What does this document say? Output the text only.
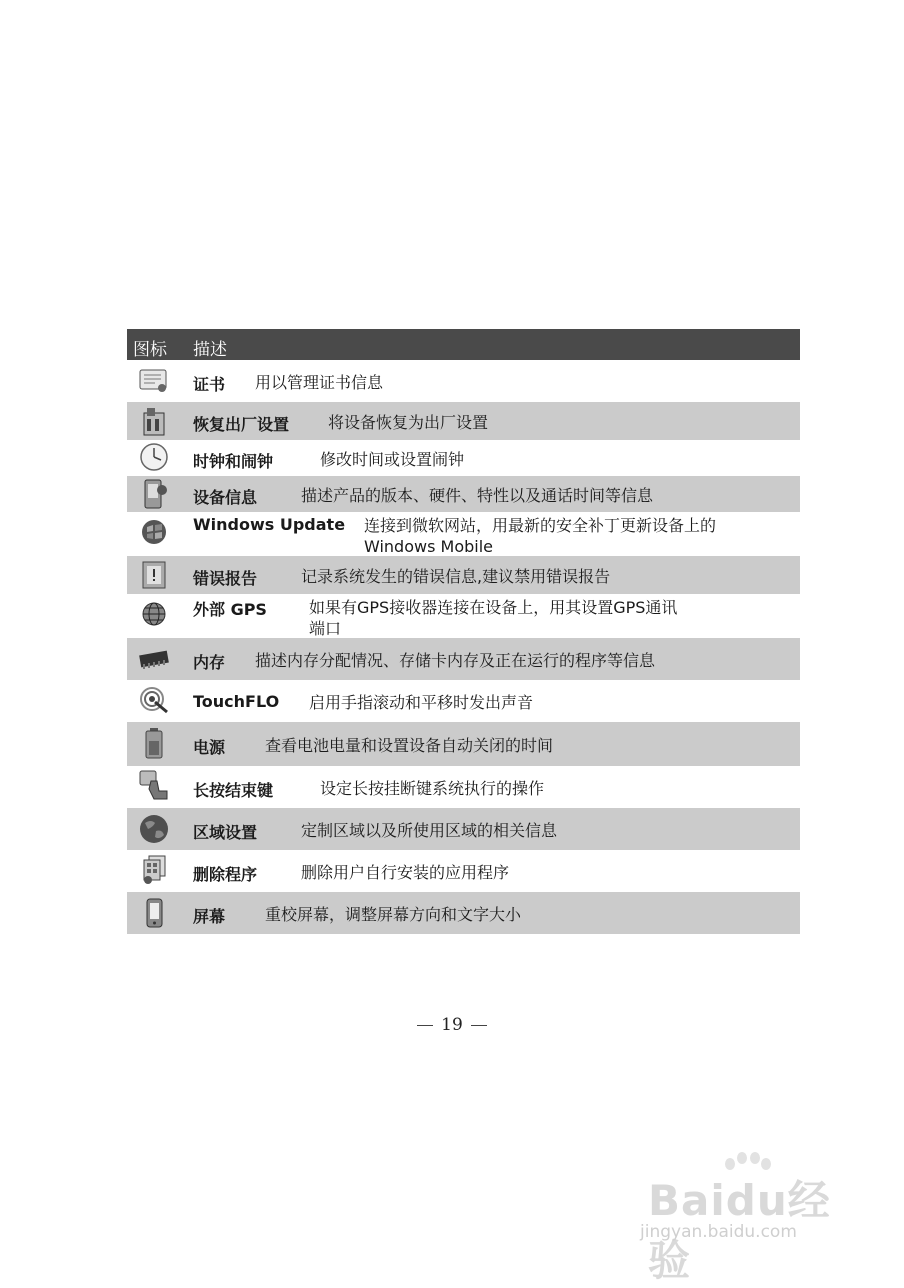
图标 描述
证书 用以管理证书信息
恢复出厂设置 将设备恢复为出厂设置
时钟和闹钟	修改时间或设置闹钟
设备信息	描述产品的版本、硬件、特性以及通话时间等信息
Windows Update 连接到微软网站，用最新的安全补丁更新设备上的
Windows Mobile
错误报告	记录系统发生的错误信息,建议禁用错误报告
外部 GPS	如果有GPS接收器连接在设备上，用其设置GPS通讯
端口
内存 描述内存分配情况、存储卡内存及正在运行的程序等信息
TouchFLO 启用手指滚动和平移时发出声音
电源 查看电池电量和设置设备自动关闭的时间
长按结束键	设定长按挂断键系统执行的操作
区域设置	定制区域以及所使用区域的相关信息
删除程序	删除用户自行安装的应用程序
屏幕 重校屏幕，调整屏幕方向和文字大小
19
Baidu经验
jingyan.baidu.com
